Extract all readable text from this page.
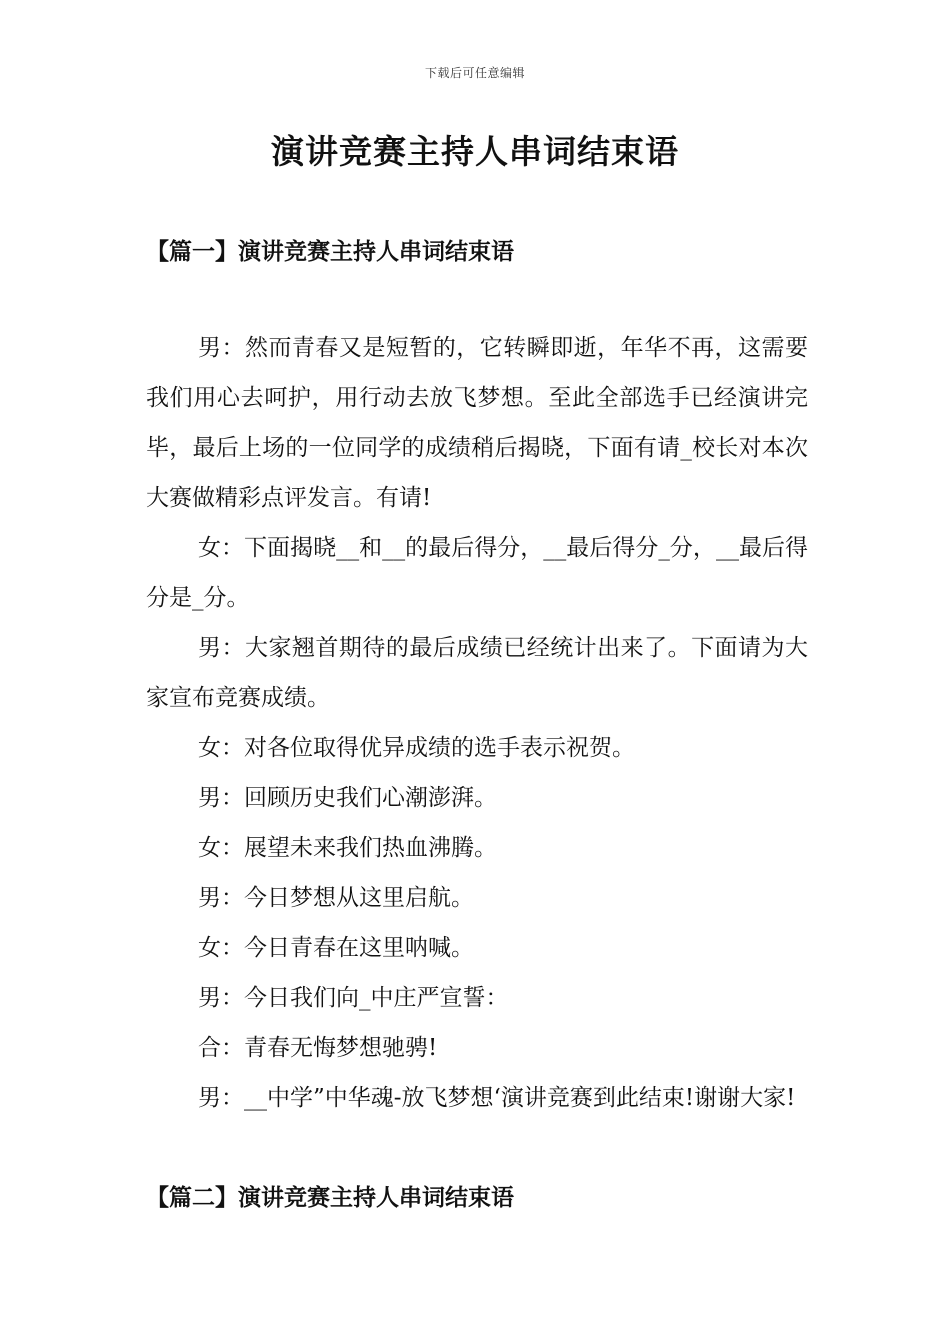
下载后可任意编辑
演讲竞赛主持人串词结束语
【篇一】演讲竞赛主持人串词结束语

男：然而青春又是短暂的，它转瞬即逝，年华不再，这需要我们用心去呵护，用行动去放飞梦想。至此全部选手已经演讲完毕，最后上场的一位同学的成绩稍后揭晓，下面有请_校长对本次大赛做精彩点评发言。有请!

女：下面揭晓__和__的最后得分，__最后得分_分，__最后得分是_分。

男：大家翘首期待的最后成绩已经统计出来了。下面请为大家宣布竞赛成绩。

女：对各位取得优异成绩的选手表示祝贺。

男：回顾历史我们心潮澎湃。

女：展望未来我们热血沸腾。

男：今日梦想从这里启航。

女：今日青春在这里呐喊。

男：今日我们向_中庄严宣誓：

合：青春无悔梦想驰骋!

男：__中学”中华魂-放飞梦想‘演讲竞赛到此结束!谢谢大家!

【篇二】演讲竞赛主持人串词结束语
